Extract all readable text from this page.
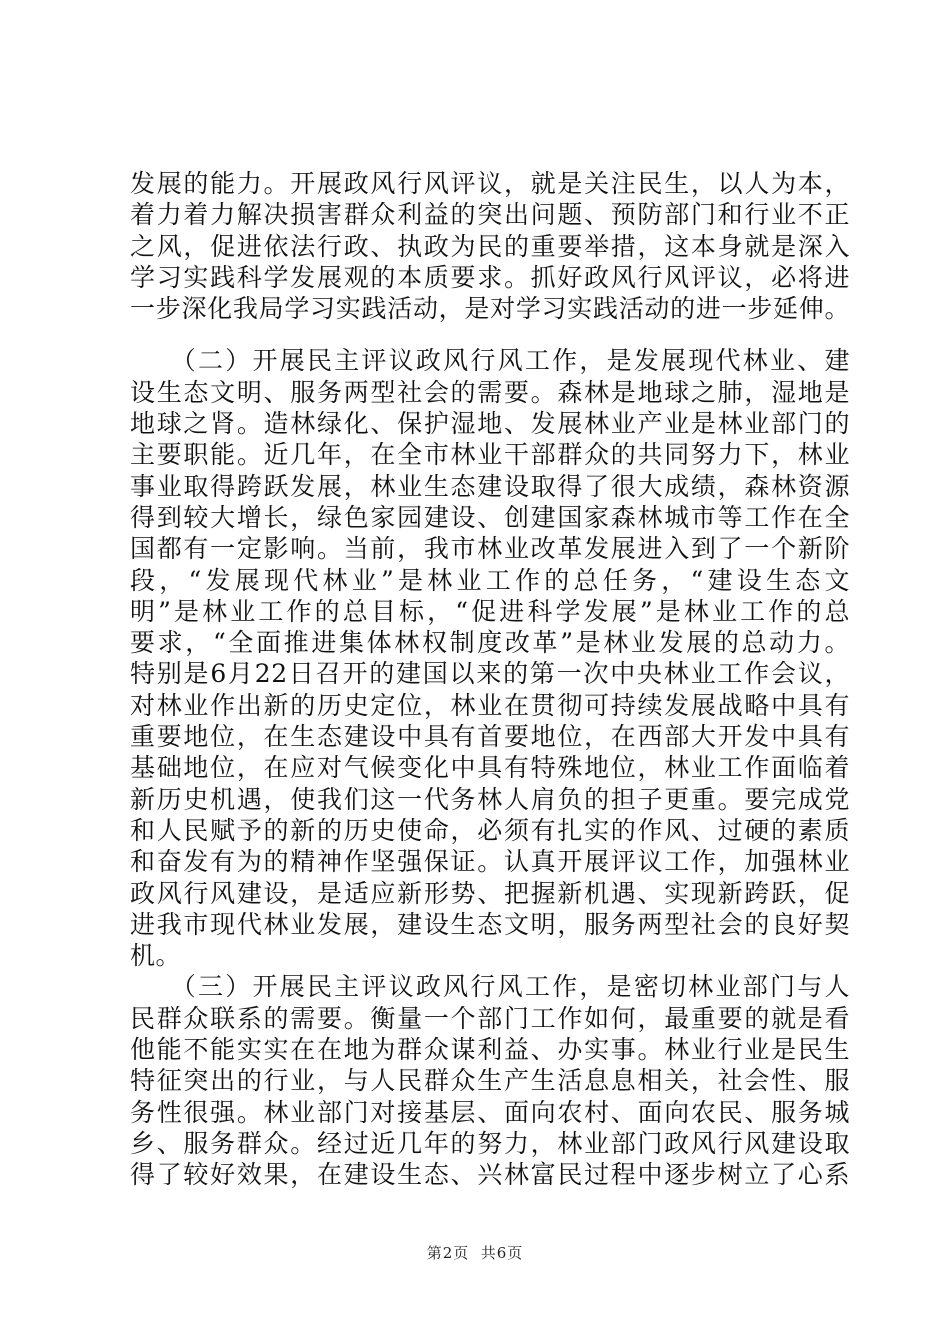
发展的能力。开展政风行风评议，就是关注民生，以人为本，
着力着力解决损害群众利益的突出问题、预防部门和行业不正
之风，促进依法行政、执政为民的重要举措，这本身就是深入
学习实践科学发展观的本质要求。抓好政风行风评议，必将进
一步深化我局学习实践活动，是对学习实践活动的进一步延伸。
（二）开展民主评议政风行风工作，是发展现代林业、建
设生态文明、服务两型社会的需要。森林是地球之肺，湿地是
地球之肾。造林绿化、保护湿地、发展林业产业是林业部门的
主要职能。近几年，在全市林业干部群众的共同努力下，林业
事业取得跨跃发展，林业生态建设取得了很大成绩，森林资源
得到较大增长，绿色家园建设、创建国家森林城市等工作在全
国都有一定影响。当前，我市林业改革发展进入到了一个新阶
段，“发展现代林业”是林业工作的总任务，“建设生态文
明”是林业工作的总目标，“促进科学发展”是林业工作的总
要求，“全面推进集体林权制度改革”是林业发展的总动力。
特别是6月22日召开的建国以来的第一次中央林业工作会议，
对林业作出新的历史定位，林业在贯彻可持续发展战略中具有
重要地位，在生态建设中具有首要地位，在西部大开发中具有
基础地位，在应对气候变化中具有特殊地位，林业工作面临着
新历史机遇，使我们这一代务林人肩负的担子更重。要完成党
和人民赋予的新的历史使命，必须有扎实的作风、过硬的素质
和奋发有为的精神作坚强保证。认真开展评议工作，加强林业
政风行风建设，是适应新形势、把握新机遇、实现新跨跃，促
进我市现代林业发展，建设生态文明，服务两型社会的良好契
机。
（三）开展民主评议政风行风工作，是密切林业部门与人
民群众联系的需要。衡量一个部门工作如何，最重要的就是看
他能不能实实在在地为群众谋利益、办实事。林业行业是民生
特征突出的行业，与人民群众生产生活息息相关，社会性、服
务性很强。林业部门对接基层、面向农村、面向农民、服务城
乡、服务群众。经过近几年的努力，林业部门政风行风建设取
得了较好效果，在建设生态、兴林富民过程中逐步树立了心系
第2页  共6页
